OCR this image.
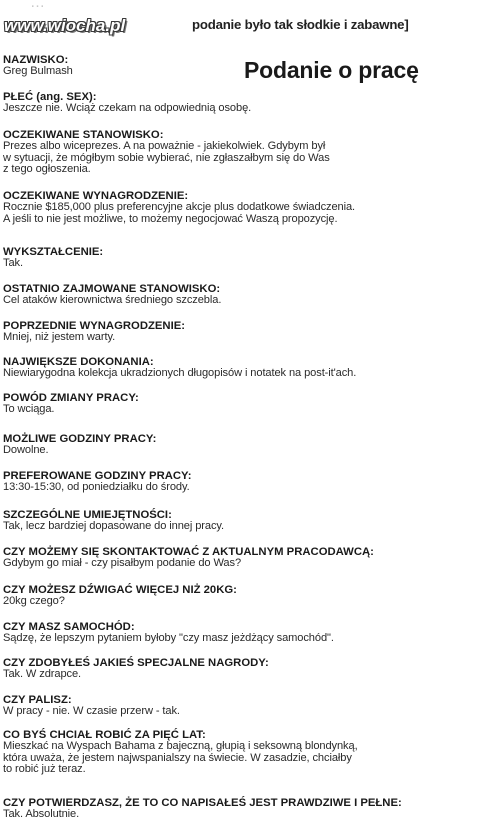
…
www.wiocha.pl	podanie było tak słodkie i zabawne]
Podanie o pracę
NAZWISKO:
Greg Bulmash
PŁEĆ (ang. SEX):
Jeszcze nie. Wciąż czekam na odpowiednią osobę.
OCZEKIWANE STANOWISKO:
Prezes albo wiceprezes. A na poważnie - jakiekolwiek. Gdybym był
w sytuacji, że mógłbym sobie wybierać, nie zgłaszałbym się do Was
z tego ogłoszenia.
OCZEKIWANE WYNAGRODZENIE:
Rocznie $185,000 plus preferencyjne akcje plus dodatkowe świadczenia.
A jeśli to nie jest możliwe, to możemy negocjować Waszą propozycję.
WYKSZTAŁCENIE:
Tak.
OSTATNIO ZAJMOWANE STANOWISKO:
Cel ataków kierownictwa średniego szczebla.
POPRZEDNIE WYNAGRODZENIE:
Mniej, niż jestem warty.
NAJWIĘKSZE DOKONANIA:
Niewiarygodna kolekcja ukradzionych długopisów i notatek na post-it'ach.
POWÓD ZMIANY PRACY:
To wciąga.
MOŻLIWE GODZINY PRACY:
Dowolne.
PREFEROWANE GODZINY PRACY:
13:30-15:30, od poniedziałku do środy.
SZCZEGÓLNE UMIEJĘTNOŚCI:
Tak, lecz bardziej dopasowane do innej pracy.
CZY MOŻEMY SIĘ SKONTAKTOWAĆ Z AKTUALNYM PRACODAWCĄ:
Gdybym go miał - czy pisałbym podanie do Was?
CZY MOŻESZ DŹWIGAĆ WIĘCEJ NIŻ 20KG:
20kg czego?
CZY MASZ SAMOCHÓD:
Sądzę, że lepszym pytaniem byłoby "czy masz jeżdżący samochód".
CZY ZDOBYŁEŚ JAKIEŚ SPECJALNE NAGRODY:
Tak. W zdrapce.
CZY PALISZ:
W pracy - nie. W czasie przerw - tak.
CO BYŚ CHCIAŁ ROBIĆ ZA PIĘĆ LAT:
Mieszkać na Wyspach Bahama z bajeczną, głupią i seksowną blondynką,
która uważa, że jestem najwspanialszy na świecie. W zasadzie, chciałby
to robić już teraz.
CZY POTWIERDZASZ, ŻE TO CO NAPISAŁEŚ JEST PRAWDZIWE I PEŁNE:
Tak. Absolutnie.
